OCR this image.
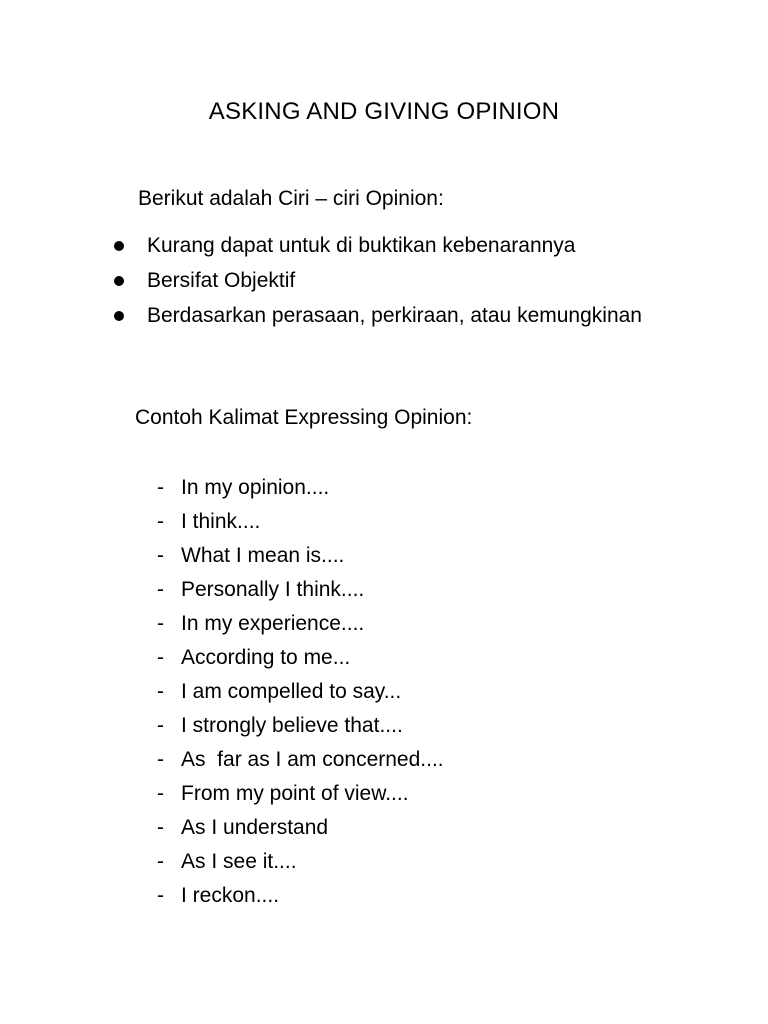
ASKING AND GIVING OPINION
Berikut adalah Ciri – ciri Opinion:
Kurang dapat untuk di buktikan kebenarannya
Bersifat Objektif
Berdasarkan perasaan, perkiraan, atau kemungkinan
Contoh Kalimat Expressing Opinion:
- In my opinion....
- I think....
- What I mean is....
- Personally I think....
- In my experience....
- According to me...
- I am compelled to say...
- I strongly believe that....
- As  far as I am concerned....
- From my point of view....
- As I understand
- As I see it....
- I reckon....
